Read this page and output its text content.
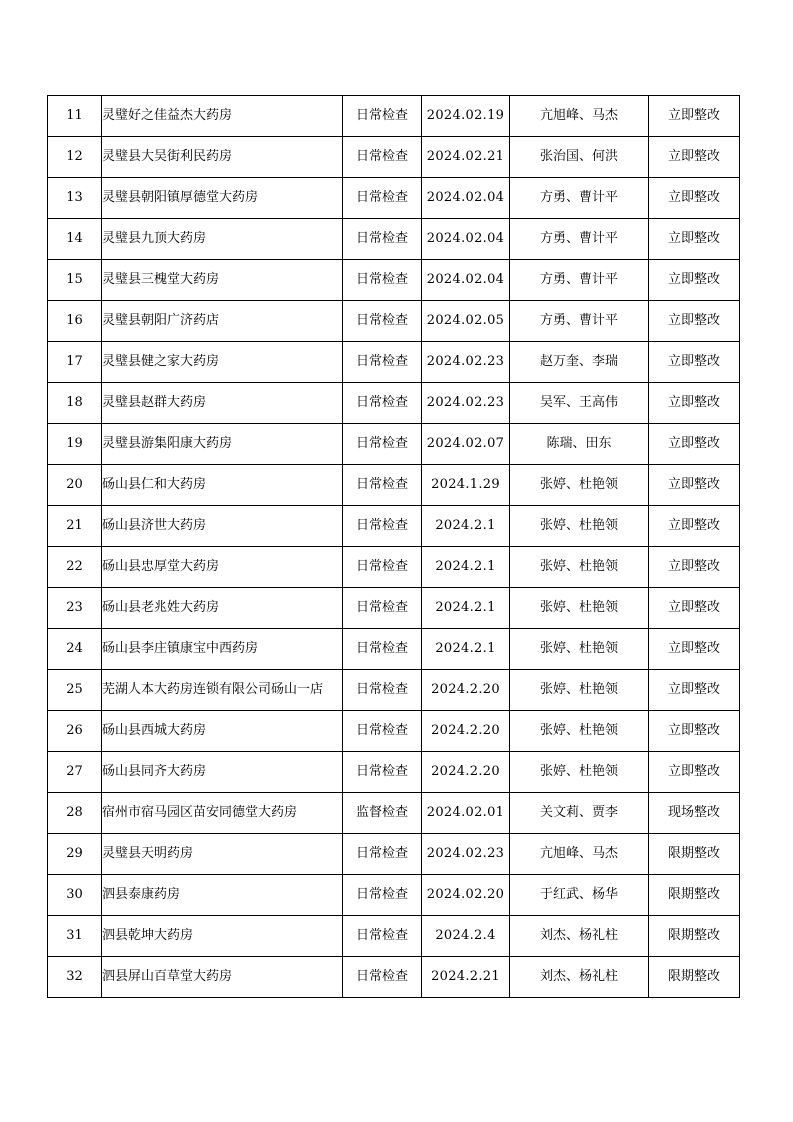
11	灵璧好之佳益杰大药房	日常检查	2024.02.19	亢旭峰、马杰	立即整改
12	灵璧县大吴街利民药房	日常检查	2024.02.21	张治国、何洪	立即整改
13	灵璧县朝阳镇厚德堂大药房	日常检查	2024.02.04	方勇、曹计平	立即整改
14	灵璧县九顶大药房	日常检查	2024.02.04	方勇、曹计平	立即整改
15	灵璧县三槐堂大药房	日常检查	2024.02.04	方勇、曹计平	立即整改
16	灵璧县朝阳广济药店	日常检查	2024.02.05	方勇、曹计平	立即整改
17	灵璧县健之家大药房	日常检查	2024.02.23	赵万奎、李瑞	立即整改
18	灵璧县赵群大药房	日常检查	2024.02.23	吴军、王高伟	立即整改
19	灵璧县游集阳康大药房	日常检查	2024.02.07	陈瑞、田东	立即整改
20	砀山县仁和大药房	日常检查	2024.1.29	张婷、杜艳领	立即整改
21	砀山县济世大药房	日常检查	2024.2.1	张婷、杜艳领	立即整改
22	砀山县忠厚堂大药房	日常检查	2024.2.1	张婷、杜艳领	立即整改
23	砀山县老兆姓大药房	日常检查	2024.2.1	张婷、杜艳领	立即整改
24	砀山县李庄镇康宝中西药房	日常检查	2024.2.1	张婷、杜艳领	立即整改
25	芜湖人本大药房连锁有限公司砀山一店	日常检查	2024.2.20	张婷、杜艳领	立即整改
26	砀山县西城大药房	日常检查	2024.2.20	张婷、杜艳领	立即整改
27	砀山县同齐大药房	日常检查	2024.2.20	张婷、杜艳领	立即整改
28	宿州市宿马园区苗安同德堂大药房	监督检查	2024.02.01	关文莉、贾李	现场整改
29	灵璧县天明药房	日常检查	2024.02.23	亢旭峰、马杰	限期整改
30	泗县泰康药房	日常检查	2024.02.20	于红武、杨华	限期整改
31	泗县乾坤大药房	日常检查	2024.2.4	刘杰、杨礼柱	限期整改
32	泗县屏山百草堂大药房	日常检查	2024.2.21	刘杰、杨礼柱	限期整改
